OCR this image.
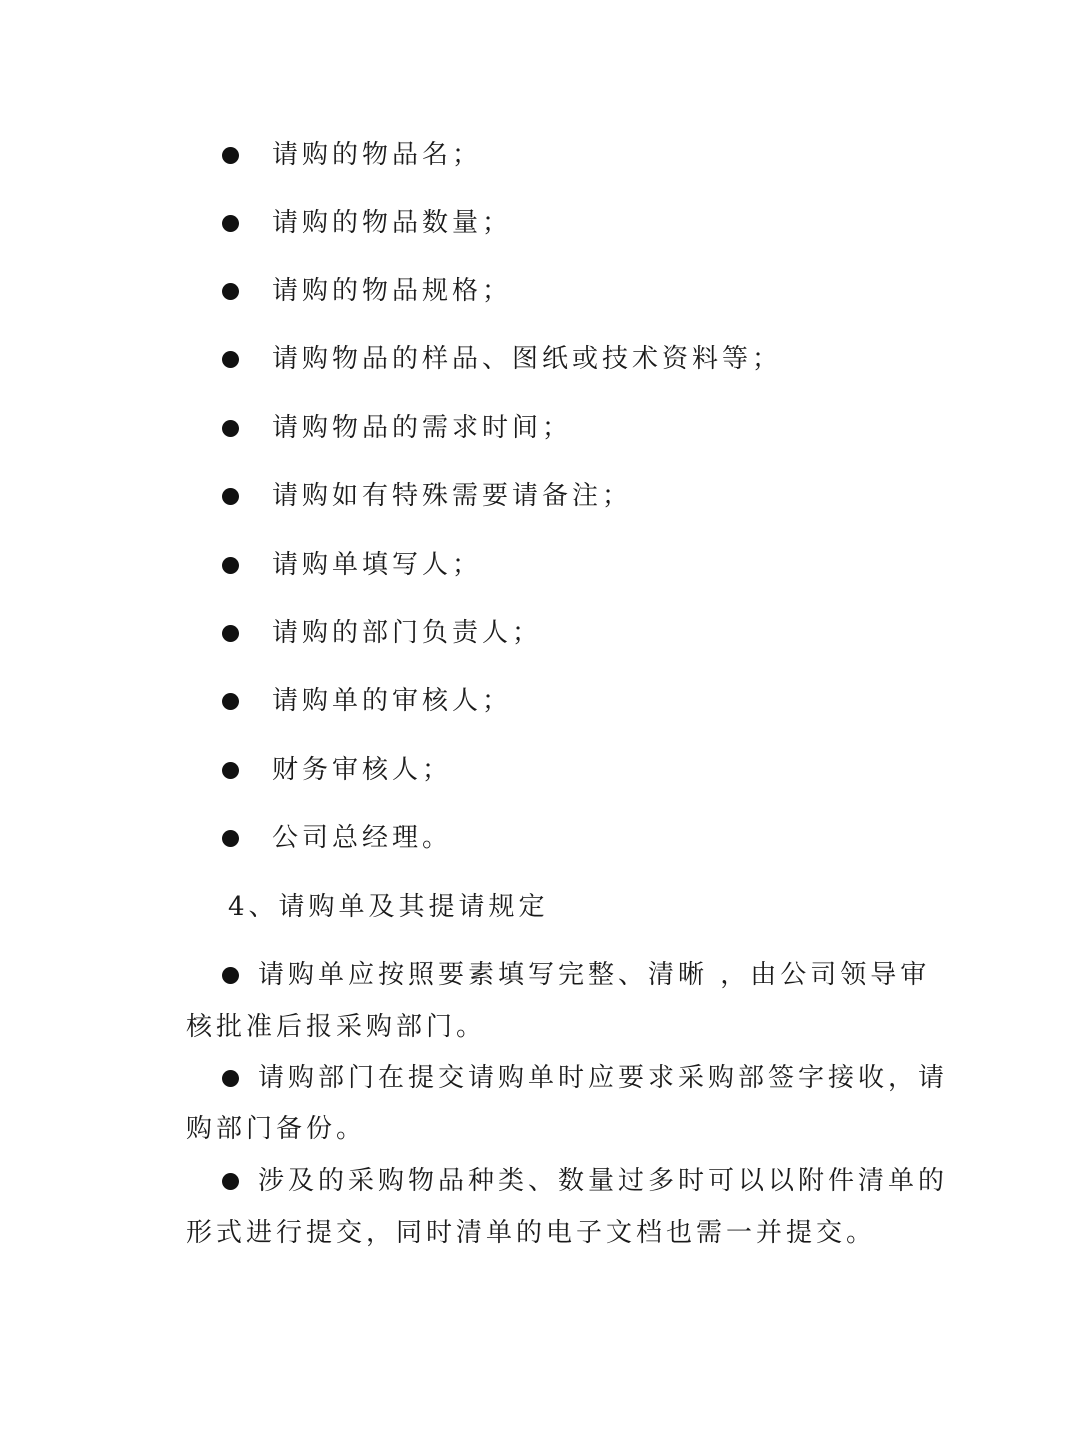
请购的物品名；
请购的物品数量；
请购的物品规格；
请购物品的样品、图纸或技术资料等；
请购物品的需求时间；
请购如有特殊需要请备注；
请购单填写人；
请购的部门负责人；
请购单的审核人；
财务审核人；
公司总经理。
4、请购单及其提请规定
请购单应按照要素填写完整、清晰 ，由公司领导审
核批准后报采购部门。
请购部门在提交请购单时应要求采购部签字接收，请
购部门备份。
涉及的采购物品种类、数量过多时可以以附件清单的
形式进行提交，同时清单的电子文档也需一并提交。
